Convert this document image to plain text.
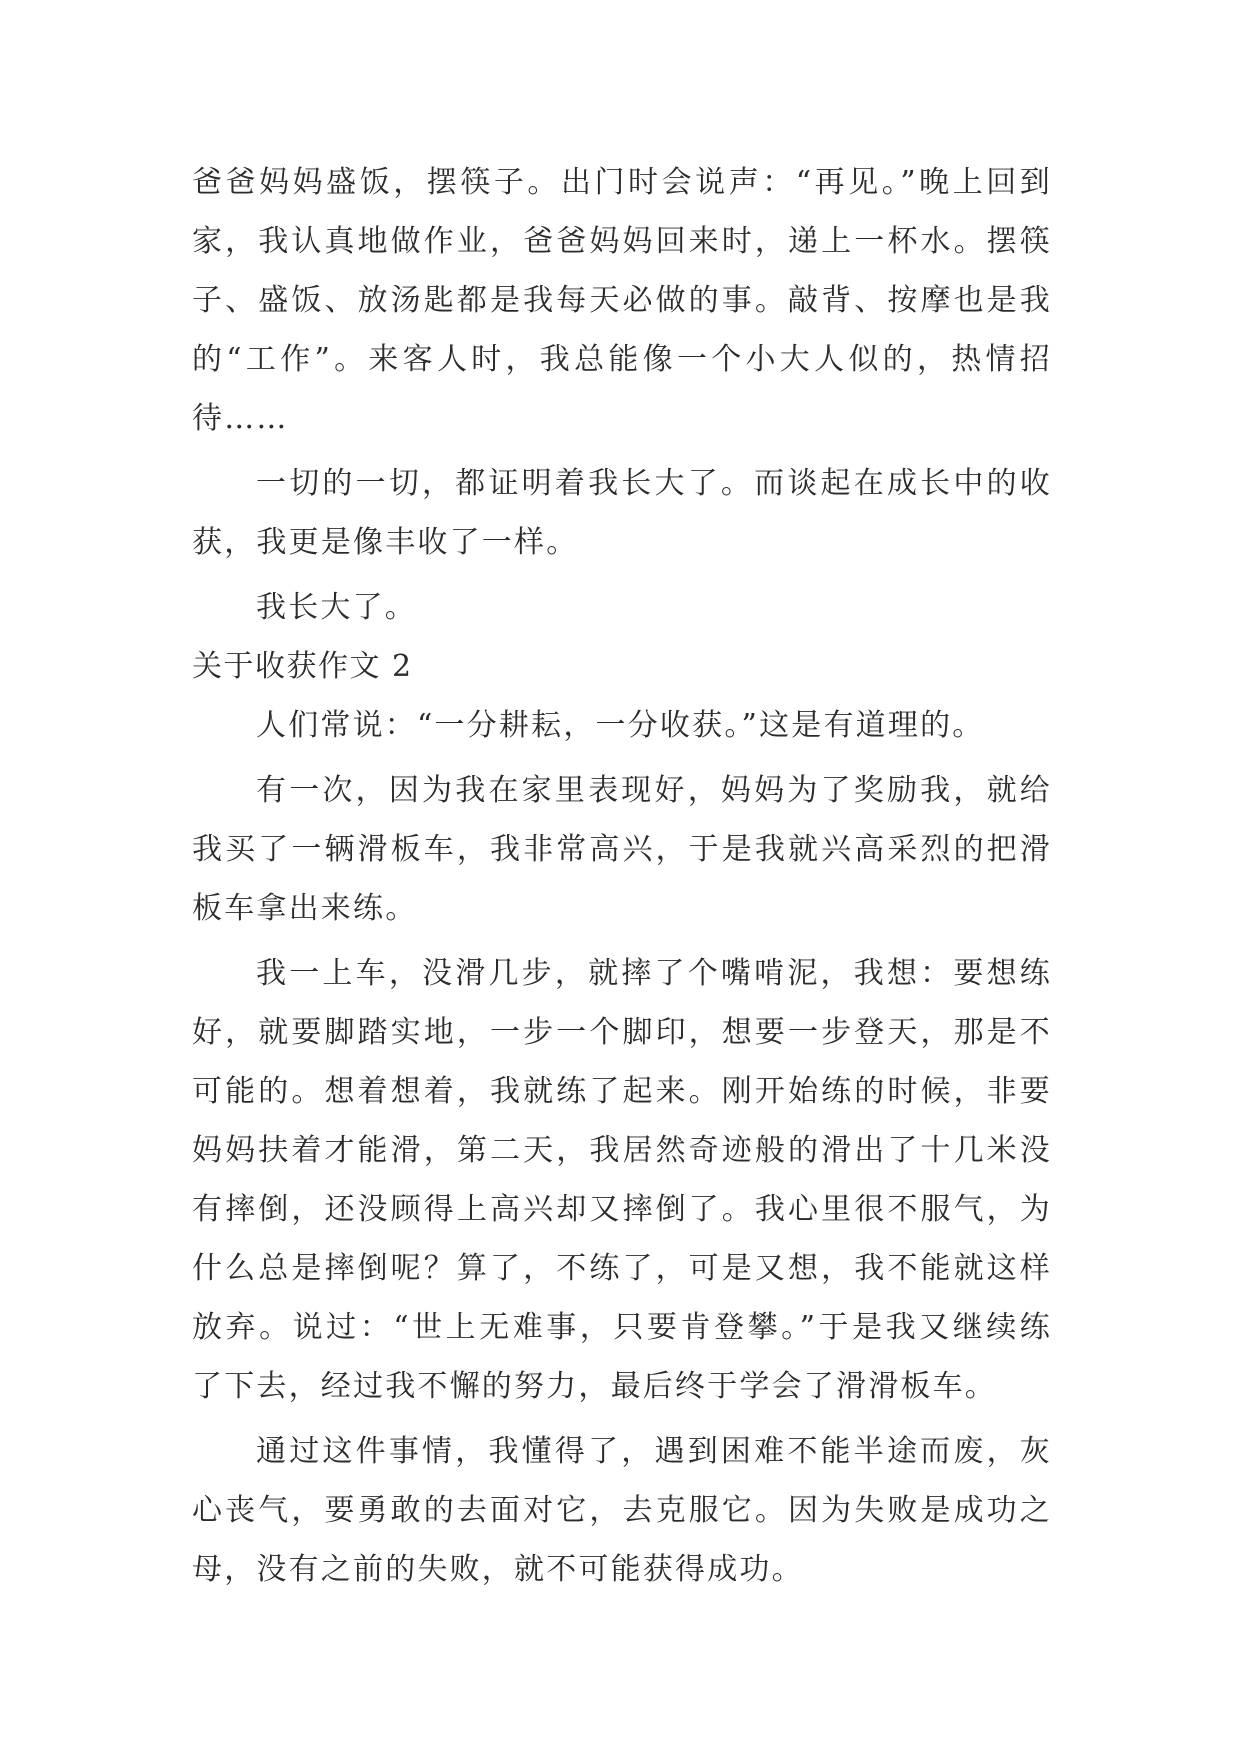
爸爸妈妈盛饭，摆筷子。出门时会说声：“再见。”晚上回到
家，我认真地做作业，爸爸妈妈回来时，递上一杯水。摆筷
子、盛饭、放汤匙都是我每天必做的事。敲背、按摩也是我
的“工作”。来客人时，我总能像一个小大人似的，热情招
待……
一切的一切，都证明着我长大了。而谈起在成长中的收
获，我更是像丰收了一样。
我长大了。
关于收获作文 2
人们常说：“一分耕耘，一分收获。”这是有道理的。
有一次，因为我在家里表现好，妈妈为了奖励我，就给
我买了一辆滑板车，我非常高兴，于是我就兴高采烈的把滑
板车拿出来练。
我一上车，没滑几步，就摔了个嘴啃泥，我想：要想练
好，就要脚踏实地，一步一个脚印，想要一步登天，那是不
可能的。想着想着，我就练了起来。刚开始练的时候，非要
妈妈扶着才能滑，第二天，我居然奇迹般的滑出了十几米没
有摔倒，还没顾得上高兴却又摔倒了。我心里很不服气，为
什么总是摔倒呢？算了，不练了，可是又想，我不能就这样
放弃。说过：“世上无难事，只要肯登攀。”于是我又继续练
了下去，经过我不懈的努力，最后终于学会了滑滑板车。
通过这件事情，我懂得了，遇到困难不能半途而废，灰
心丧气，要勇敢的去面对它，去克服它。因为失败是成功之
母，没有之前的失败，就不可能获得成功。
